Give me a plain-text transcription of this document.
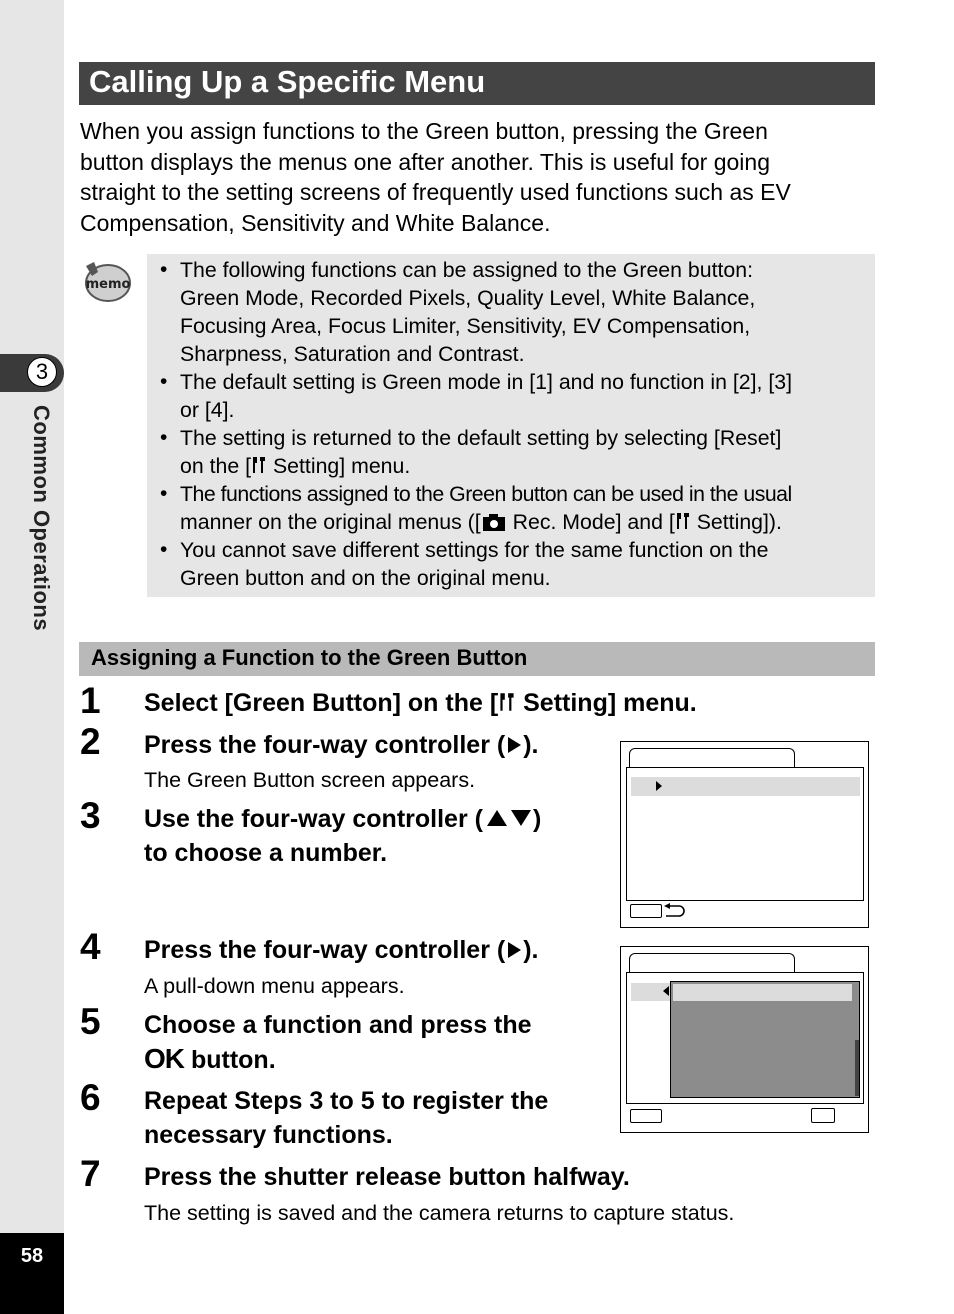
3
Common Operations
58
Calling Up a Specific Menu
When you assign functions to the Green button, pressing the Green
button displays the menus one after another. This is useful for going
straight to the setting screens of frequently used functions such as EV
Compensation, Sensitivity and White Balance.
memo
• The following functions can be assigned to the Green button:
Green Mode, Recorded Pixels, Quality Level, White Balance,
Focusing Area, Focus Limiter, Sensitivity, EV Compensation,
Sharpness, Saturation and Contrast.
• The default setting is Green mode in [1] and no function in [2], [3]
or [4].
• The setting is returned to the default setting by selecting [Reset]
on the [ Setting] menu.
• The functions assigned to the Green button can be used in the usual
manner on the original menus ([ Rec. Mode] and [ Setting]).
• You cannot save different settings for the same function on the
Green button and on the original menu.
Assigning a Function to the Green Button
1 Select [Green Button] on the [ Setting] menu.
2 Press the four-way controller ( ).
The Green Button screen appears.
3 Use the four-way controller ( )
to choose a number.
4 Press the four-way controller ( ).
A pull-down menu appears.
5 Choose a function and press the
OK button.
6 Repeat Steps 3 to 5 to register the
necessary functions.
7 Press the shutter release button halfway.
The setting is saved and the camera returns to capture status.
